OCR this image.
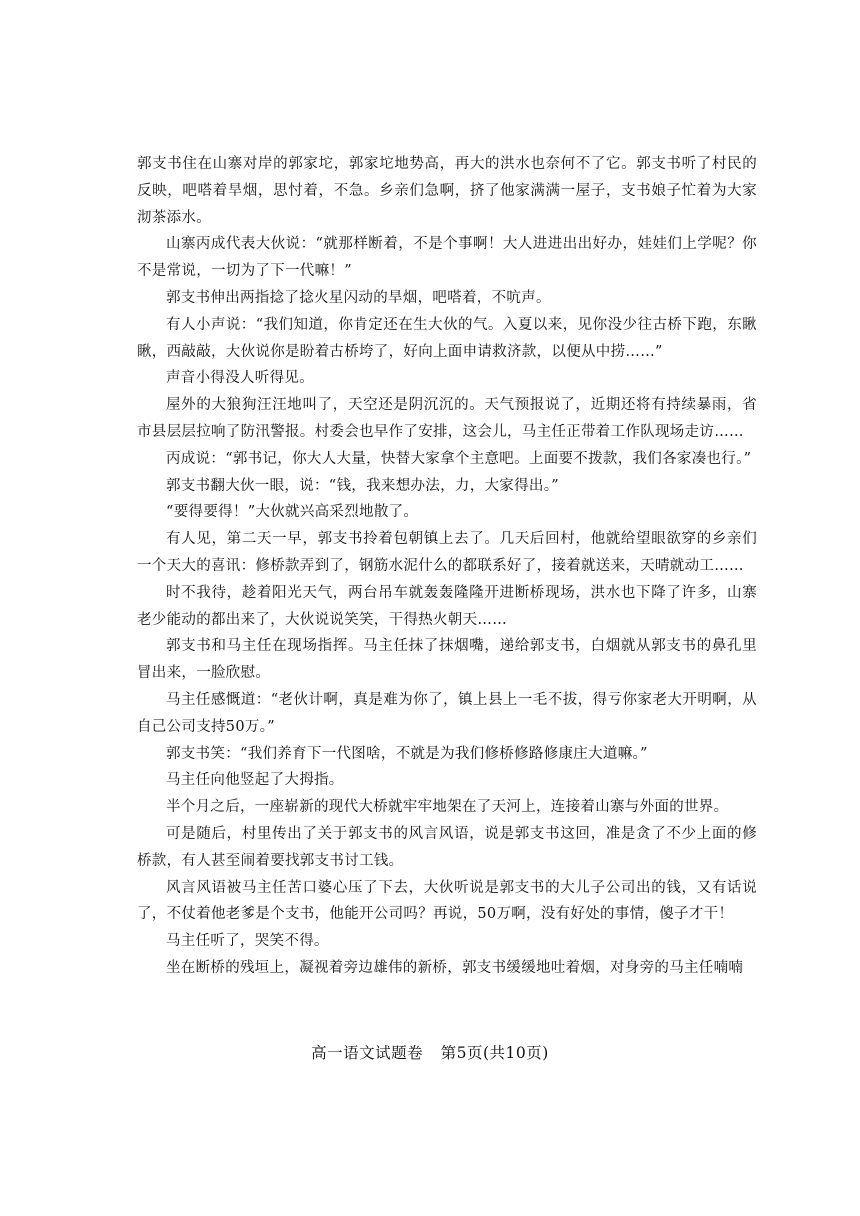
郭支书住在山寨对岸的郭家坨，郭家坨地势高，再大的洪水也奈何不了它。郭支书听了村民的反映，吧嗒着旱烟，思忖着，不急。乡亲们急啊，挤了他家满满一屋子，支书娘子忙着为大家沏茶添水。

山寨丙成代表大伙说：“就那样断着，不是个事啊！大人进进出出好办，娃娃们上学呢？你不是常说，一切为了下一代嘛！”

郭支书伸出两指捻了捻火星闪动的旱烟，吧嗒着，不吭声。

有人小声说：“我们知道，你肯定还在生大伙的气。入夏以来，见你没少往古桥下跑，东瞅瞅，西敲敲，大伙说你是盼着古桥垮了，好向上面申请救济款，以便从中捞……”

声音小得没人听得见。

屋外的大狼狗汪汪地叫了，天空还是阴沉沉的。天气预报说了，近期还将有持续暴雨，省市县层层拉响了防汛警报。村委会也早作了安排，这会儿，马主任正带着工作队现场走访……

丙成说：“郭书记，你大人大量，快替大家拿个主意吧。上面要不拨款，我们各家凑也行。”

郭支书翻大伙一眼，说：“钱，我来想办法，力，大家得出。”

“要得要得！”大伙就兴高采烈地散了。

有人见，第二天一早，郭支书拎着包朝镇上去了。几天后回村，他就给望眼欲穿的乡亲们一个天大的喜讯：修桥款弄到了，钢筋水泥什么的都联系好了，接着就送来，天晴就动工……

时不我待，趁着阳光天气，两台吊车就轰轰隆隆开进断桥现场，洪水也下降了许多，山寨老少能动的都出来了，大伙说说笑笑，干得热火朝天……

郭支书和马主任在现场指挥。马主任抹了抹烟嘴，递给郭支书，白烟就从郭支书的鼻孔里冒出来，一脸欣慰。

马主任感慨道：“老伙计啊，真是难为你了，镇上县上一毛不拔，得亏你家老大开明啊，从自己公司支持50万。”

郭支书笑：“我们养育下一代图啥，不就是为我们修桥修路修康庄大道嘛。”

马主任向他竖起了大拇指。

半个月之后，一座崭新的现代大桥就牢牢地架在了天河上，连接着山寨与外面的世界。

可是随后，村里传出了关于郭支书的风言风语，说是郭支书这回，准是贪了不少上面的修桥款，有人甚至闹着要找郭支书讨工钱。

风言风语被马主任苦口婆心压了下去，大伙听说是郭支书的大儿子公司出的钱，又有话说了，不仗着他老爹是个支书，他能开公司吗？再说，50万啊，没有好处的事情，傻子才干！

马主任听了，哭笑不得。

坐在断桥的残垣上，凝视着旁边雄伟的新桥，郭支书缓缓地吐着烟，对身旁的马主任喃喃

高一语文试题卷 第5页(共10页)
